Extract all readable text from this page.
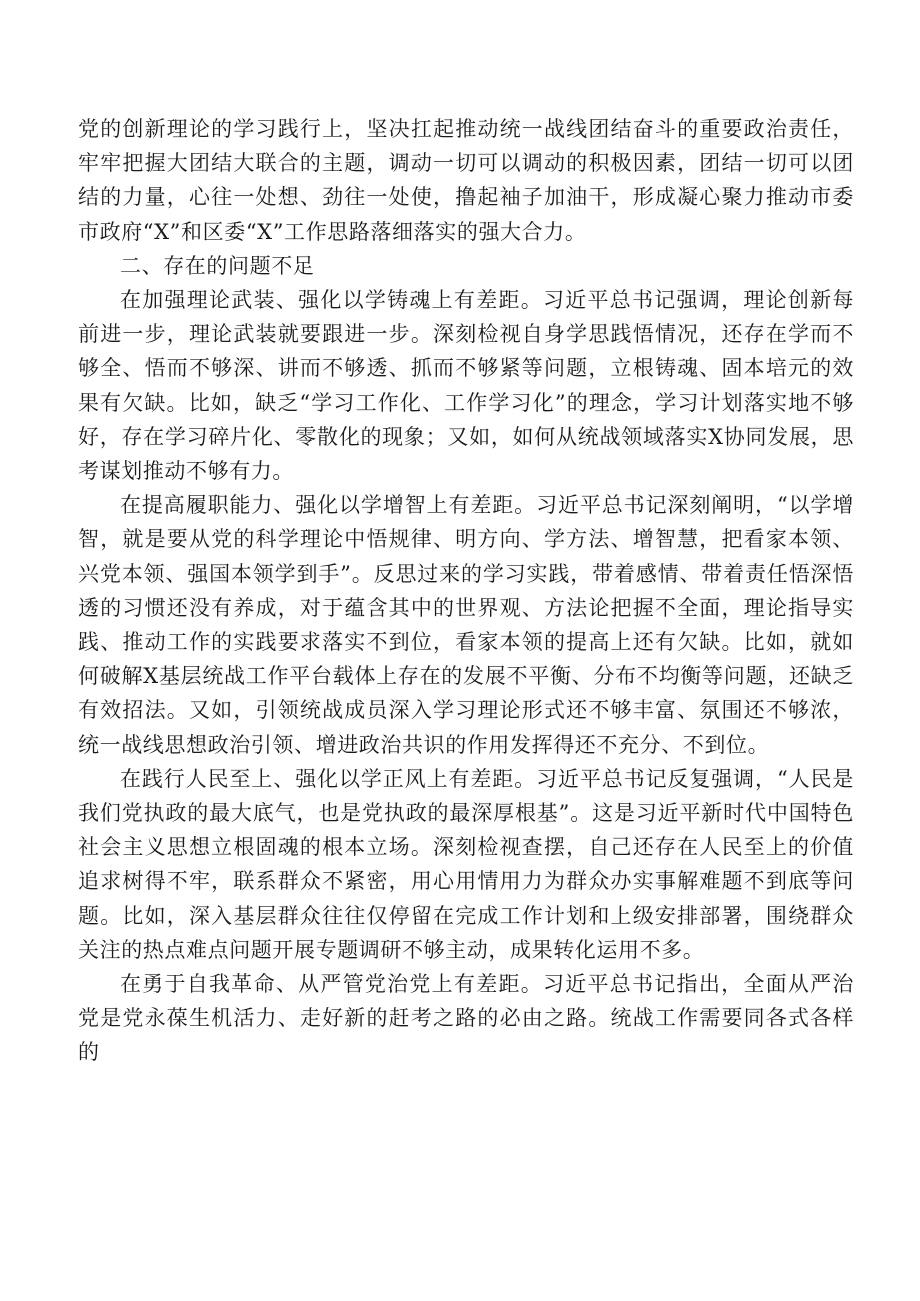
党的创新理论的学习践行上，坚决扛起推动统一战线团结奋斗的重要政治责任，牢牢把握大团结大联合的主题，调动一切可以调动的积极因素，团结一切可以团结的力量，心往一处想、劲往一处使，撸起袖子加油干，形成凝心聚力推动市委市政府“X”和区委“X”工作思路落细落实的强大合力。

二、存在的问题不足

在加强理论武装、强化以学铸魂上有差距。习近平总书记强调，理论创新每前进一步，理论武装就要跟进一步。深刻检视自身学思践悟情况，还存在学而不够全、悟而不够深、讲而不够透、抓而不够紧等问题，立根铸魂、固本培元的效果有欠缺。比如，缺乏“学习工作化、工作学习化”的理念，学习计划落实地不够好，存在学习碎片化、零散化的现象；又如，如何从统战领域落实X协同发展，思考谋划推动不够有力。

在提高履职能力、强化以学增智上有差距。习近平总书记深刻阐明，“以学增智，就是要从党的科学理论中悟规律、明方向、学方法、增智慧，把看家本领、兴党本领、强国本领学到手”。反思过来的学习实践，带着感情、带着责任悟深悟透的习惯还没有养成，对于蕴含其中的世界观、方法论把握不全面，理论指导实践、推动工作的实践要求落实不到位，看家本领的提高上还有欠缺。比如，就如何破解X基层统战工作平台载体上存在的发展不平衡、分布不均衡等问题，还缺乏有效招法。又如，引领统战成员深入学习理论形式还不够丰富、氛围还不够浓，统一战线思想政治引领、增进政治共识的作用发挥得还不充分、不到位。

在践行人民至上、强化以学正风上有差距。习近平总书记反复强调，“人民是我们党执政的最大底气，也是党执政的最深厚根基”。这是习近平新时代中国特色社会主义思想立根固魂的根本立场。深刻检视查摆，自己还存在人民至上的价值追求树得不牢，联系群众不紧密，用心用情用力为群众办实事解难题不到底等问题。比如，深入基层群众往往仅停留在完成工作计划和上级安排部署，围绕群众关注的热点难点问题开展专题调研不够主动，成果转化运用不多。

在勇于自我革命、从严管党治党上有差距。习近平总书记指出，全面从严治党是党永葆生机活力、走好新的赶考之路的必由之路。统战工作需要同各式各样的
